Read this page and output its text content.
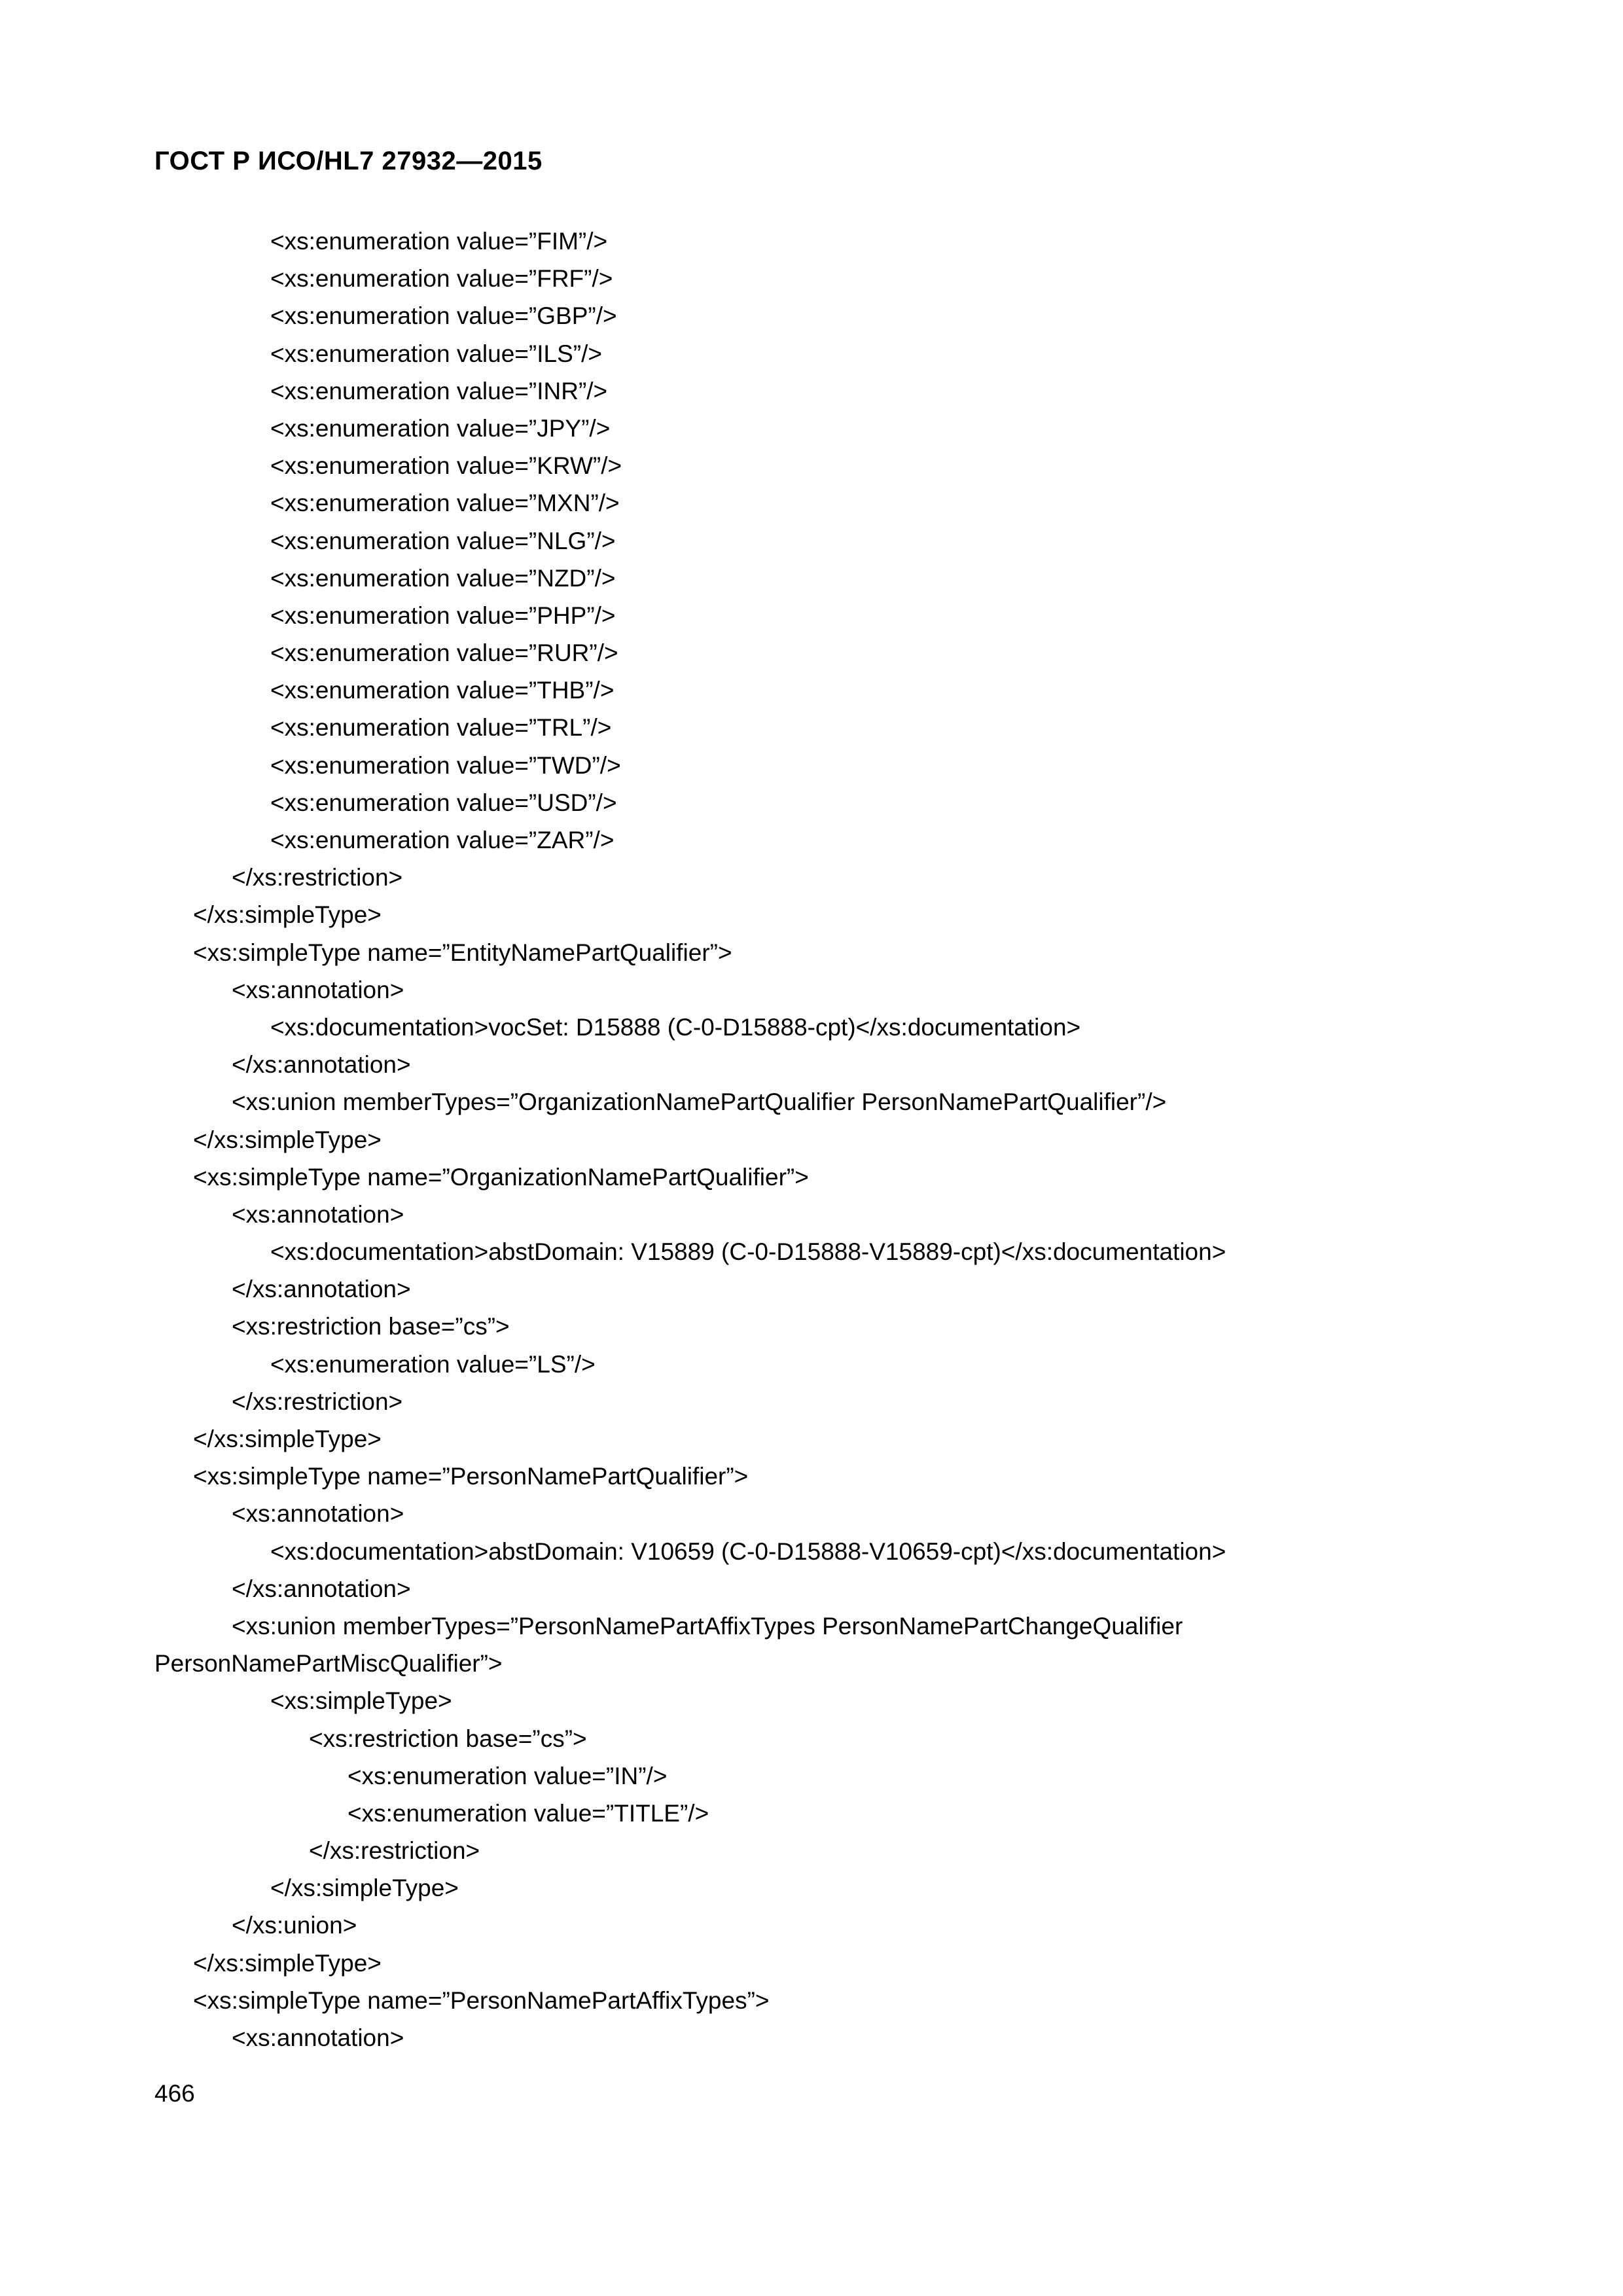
ГОСТ Р ИСО/HL7 27932—2015
<xs:enumeration value=”FIM”/>
<xs:enumeration value=”FRF”/>
<xs:enumeration value=”GBP”/>
<xs:enumeration value=”ILS”/>
<xs:enumeration value=”INR”/>
<xs:enumeration value=”JPY”/>
<xs:enumeration value=”KRW”/>
<xs:enumeration value=”MXN”/>
<xs:enumeration value=”NLG”/>
<xs:enumeration value=”NZD”/>
<xs:enumeration value=”PHP”/>
<xs:enumeration value=”RUR”/>
<xs:enumeration value=”THB”/>
<xs:enumeration value=”TRL”/>
<xs:enumeration value=”TWD”/>
<xs:enumeration value=”USD”/>
<xs:enumeration value=”ZAR”/>
</xs:restriction>
</xs:simpleType>
<xs:simpleType name=”EntityNamePartQualifier”>
<xs:annotation>
<xs:documentation>vocSet: D15888 (C-0-D15888-cpt)</xs:documentation>
</xs:annotation>
<xs:union memberTypes=”OrganizationNamePartQualifier PersonNamePartQualifier”/>
</xs:simpleType>
<xs:simpleType name=”OrganizationNamePartQualifier”>
<xs:annotation>
<xs:documentation>abstDomain: V15889 (C-0-D15888-V15889-cpt)</xs:documentation>
</xs:annotation>
<xs:restriction base=”cs”>
<xs:enumeration value=”LS”/>
</xs:restriction>
</xs:simpleType>
<xs:simpleType name=”PersonNamePartQualifier”>
<xs:annotation>
<xs:documentation>abstDomain: V10659 (C-0-D15888-V10659-cpt)</xs:documentation>
</xs:annotation>
<xs:union memberTypes=”PersonNamePartAffixTypes PersonNamePartChangeQualifier
PersonNamePartMiscQualifier”>
<xs:simpleType>
<xs:restriction base=”cs”>
<xs:enumeration value=”IN”/>
<xs:enumeration value=”TITLE”/>
</xs:restriction>
</xs:simpleType>
</xs:union>
</xs:simpleType>
<xs:simpleType name=”PersonNamePartAffixTypes”>
<xs:annotation>
466
